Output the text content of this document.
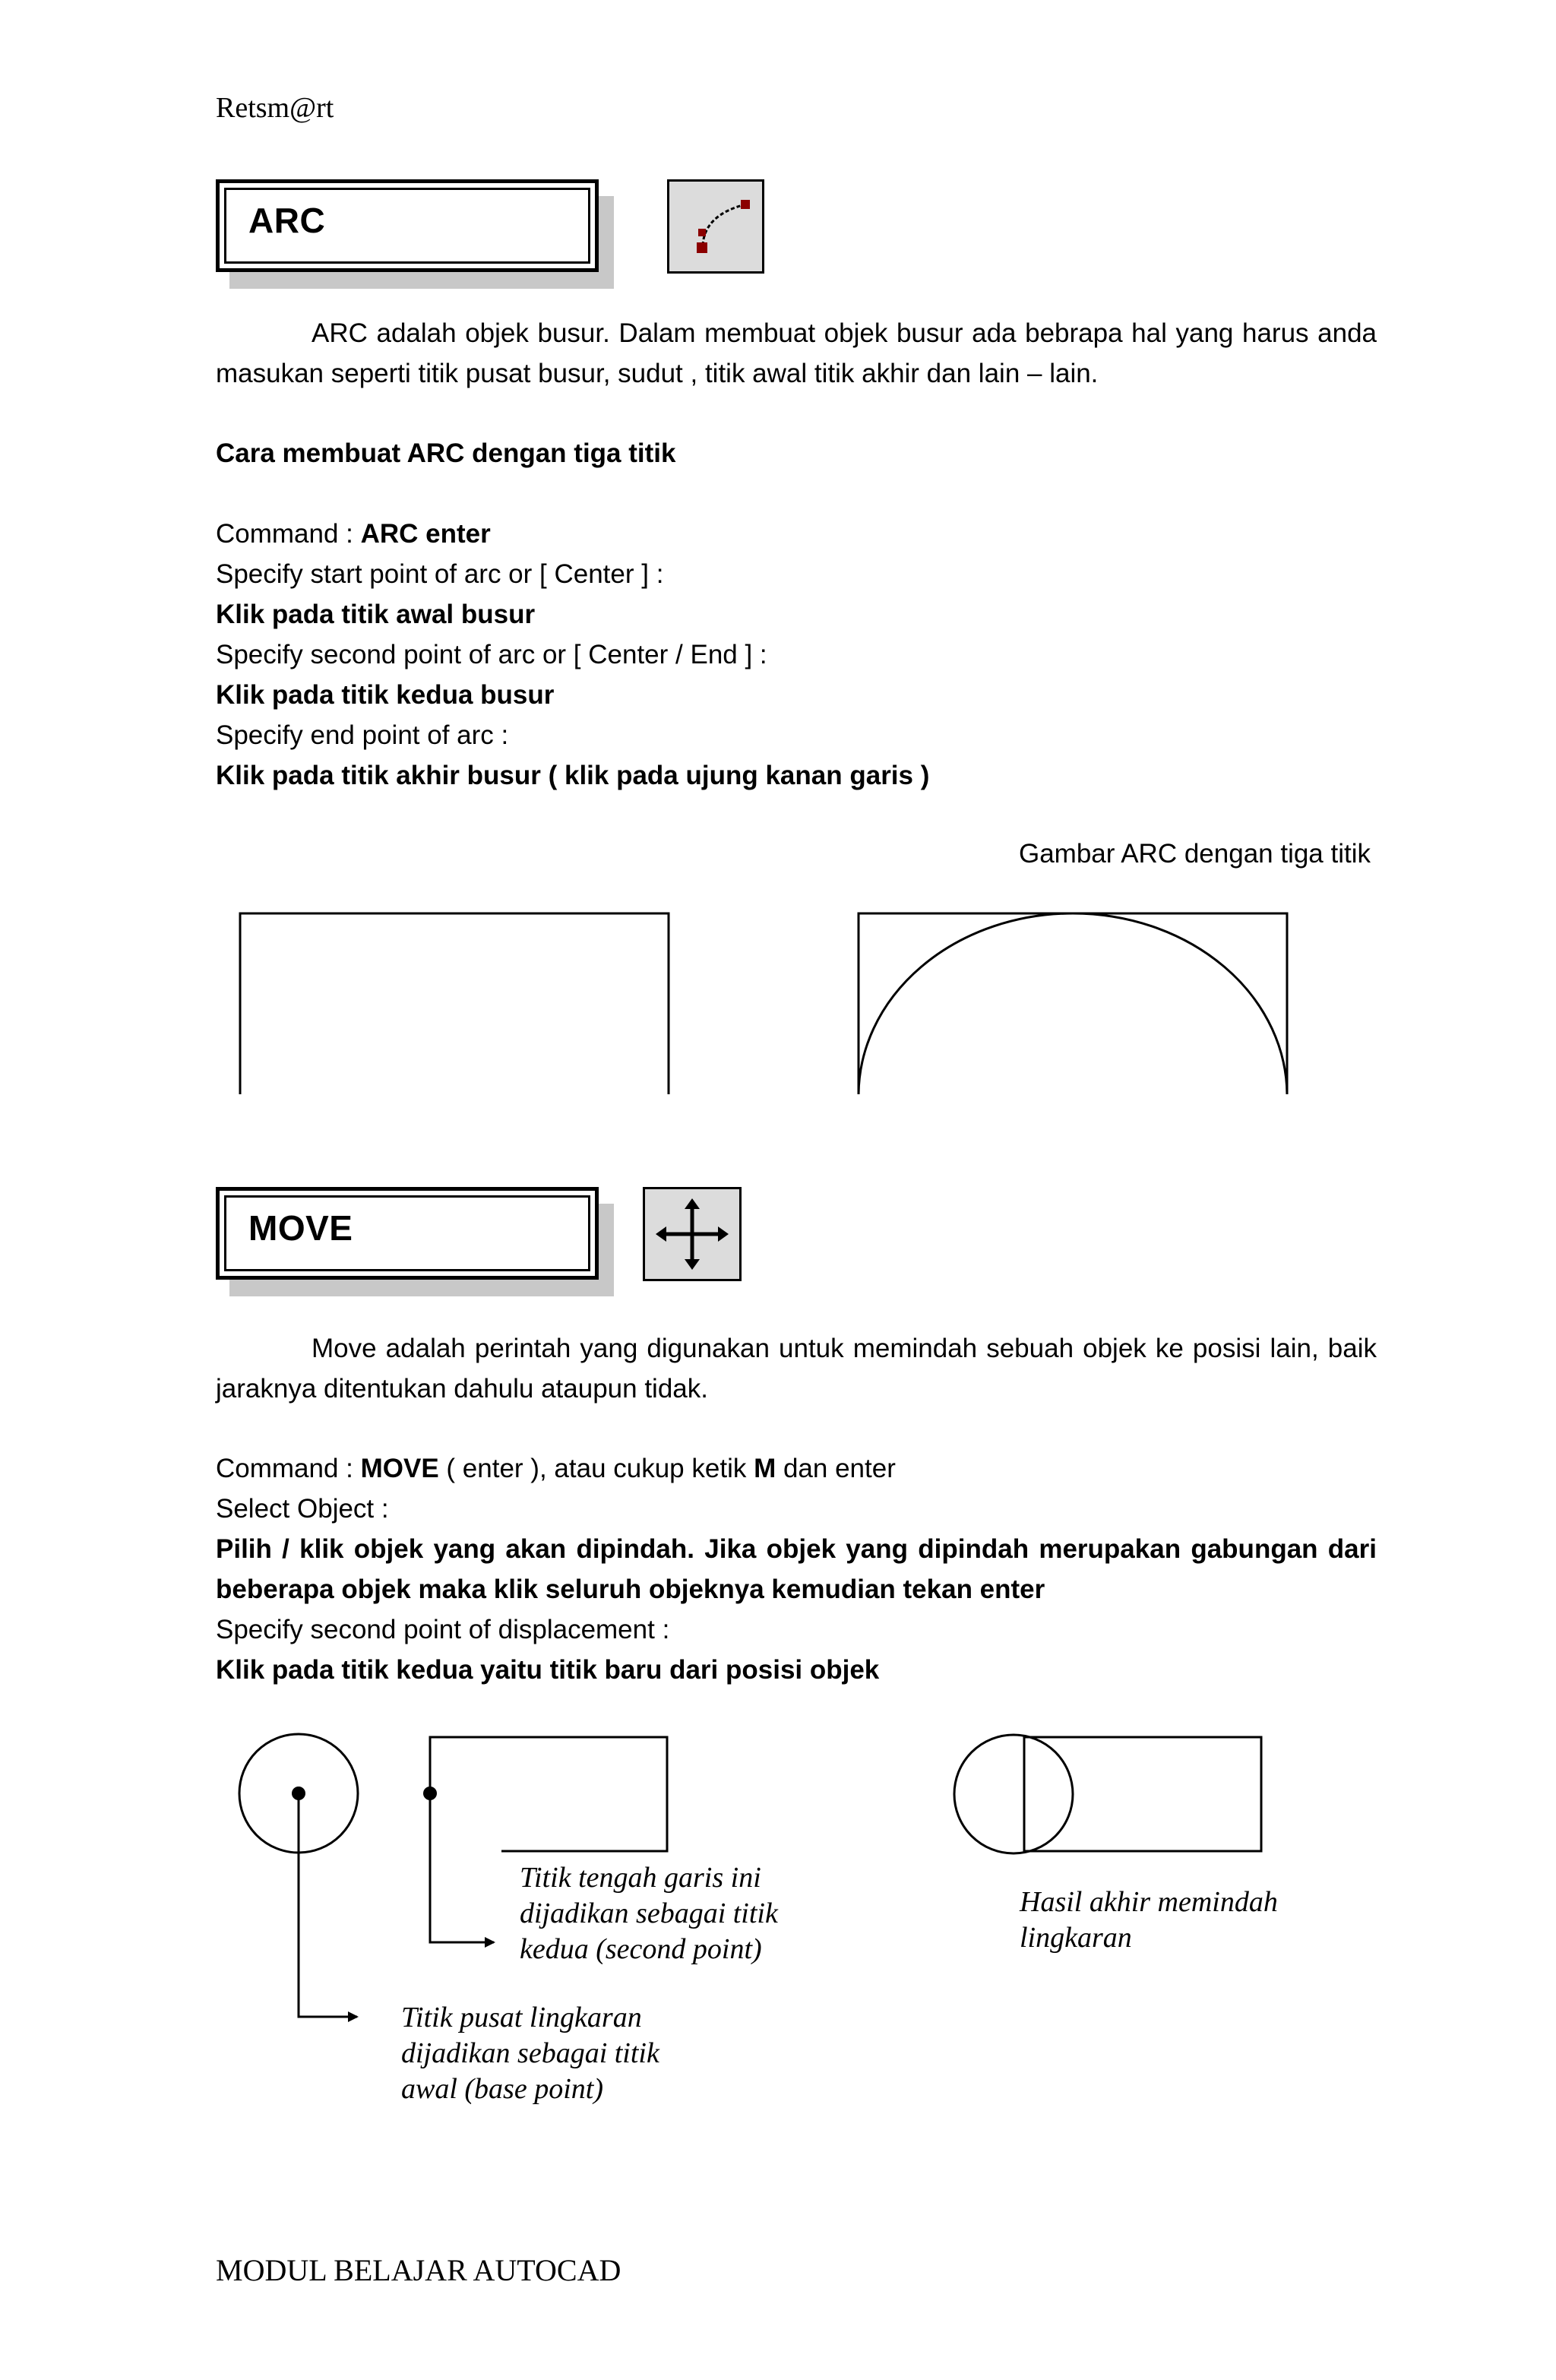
Retsm@rt
ARC
ARC adalah objek busur. Dalam membuat objek busur ada bebrapa hal yang harus anda masukan seperti titik pusat busur, sudut , titik awal titik akhir dan lain – lain.
Cara membuat ARC dengan tiga titik
Command : ARC enter
Specify start point of arc or [ Center ] :
Klik pada titik awal busur
Specify second point of arc or [ Center / End ] :
Klik pada titik kedua busur
Specify end point of arc :
Klik pada titik akhir busur ( klik pada ujung kanan garis )
Gambar ARC dengan tiga titik
MOVE
Move adalah perintah yang digunakan untuk memindah sebuah objek ke posisi lain, baik jaraknya ditentukan dahulu ataupun tidak.
Command : MOVE ( enter ), atau cukup ketik M dan enter
Select Object :
Pilih / klik objek yang akan dipindah. Jika objek yang dipindah merupakan gabungan dari beberapa objek maka klik seluruh objeknya kemudian tekan enter
Specify second point of displacement :
Klik pada titik kedua yaitu titik baru dari posisi objek
Titik tengah garis ini dijadikan sebagai titik kedua (second point)
Hasil akhir memindah lingkaran
Titik pusat lingkaran dijadikan sebagai titik awal (base point)
MODUL BELAJAR AUTOCAD
